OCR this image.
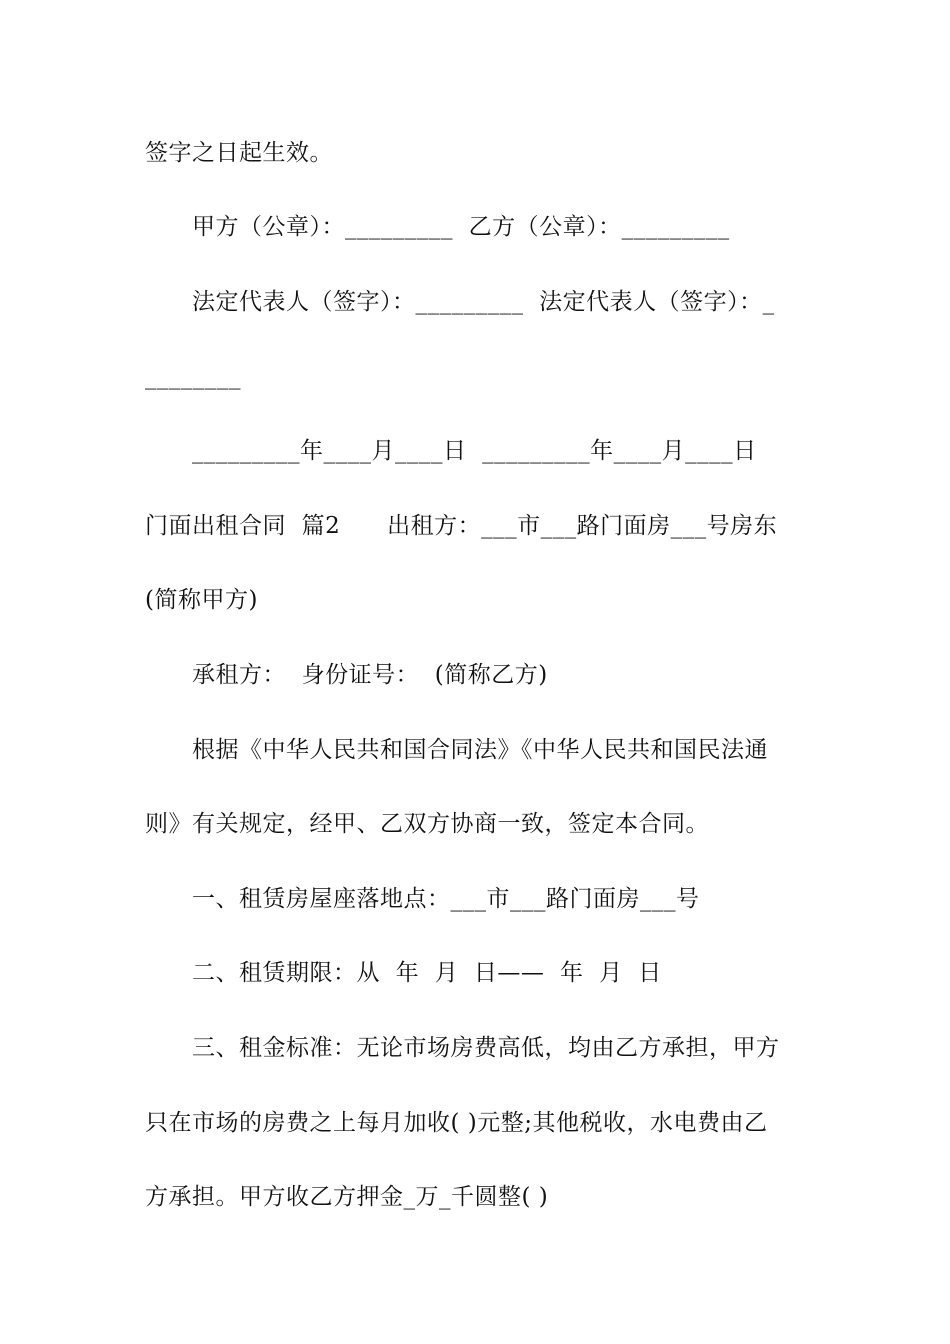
签字之日起生效。
甲方（公章）：_________  乙方（公章）：_________
法定代表人（签字）：_________  法定代表人（签字）：_
________
_________年____月____日  _________年____月____日
门面出租合同  篇2      出租方：___市___路门面房___号房东
(简称甲方)
承租方：  身份证号：  (简称乙方)
根据《中华人民共和国合同法》《中华人民共和国民法通
则》有关规定，经甲、乙双方协商一致，签定本合同。
一、租赁房屋座落地点：___市___路门面房___号
二、租赁期限：从  年  月  日——  年  月  日
三、租金标准：无论市场房费高低，均由乙方承担，甲方
只在市场的房费之上每月加收( )元整;其他税收，水电费由乙
方承担。甲方收乙方押金_万_千圆整( )
